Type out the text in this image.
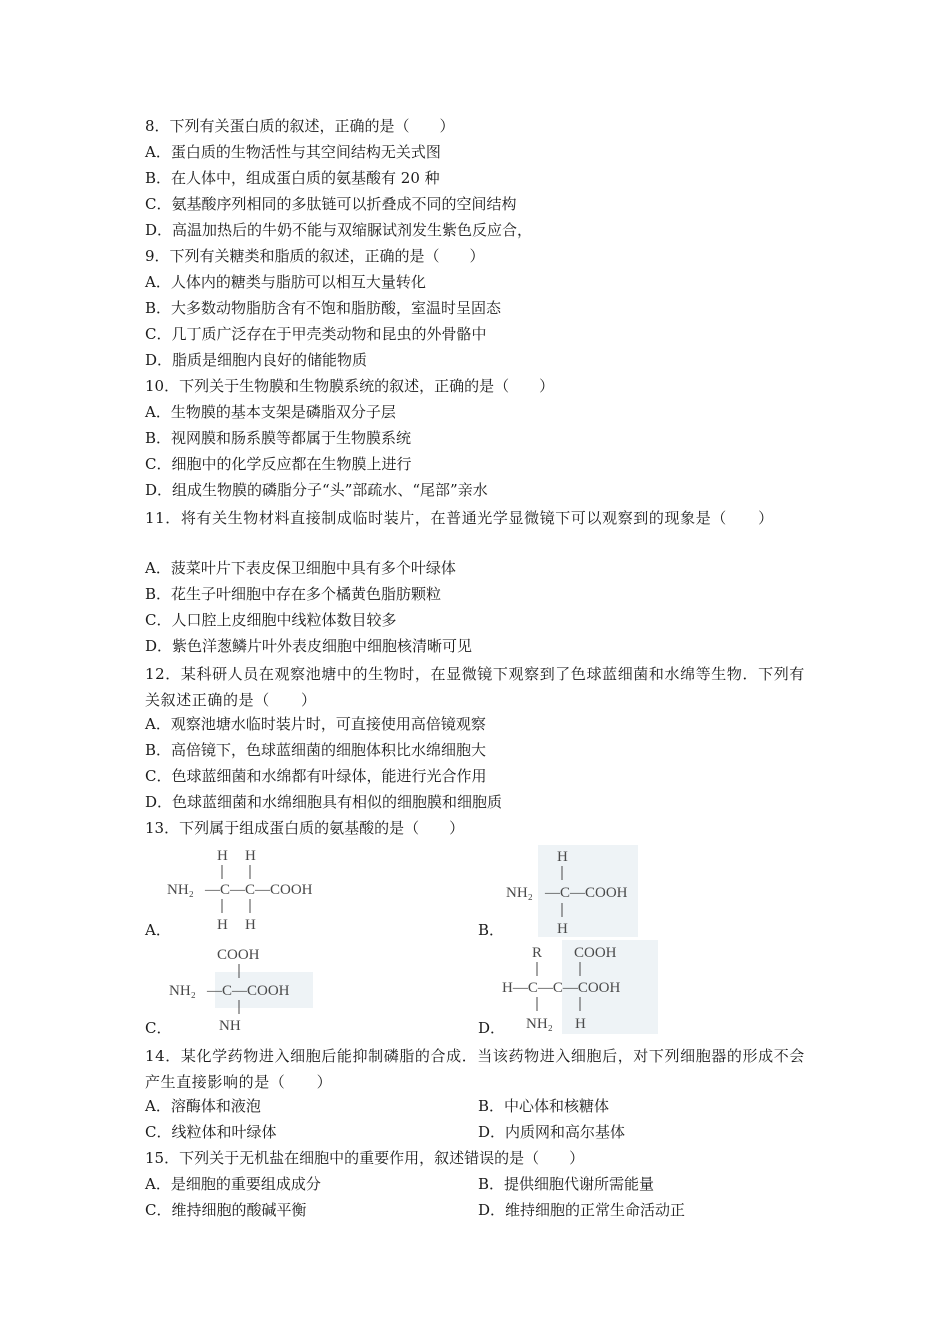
8．下列有关蛋白质的叙述，正确的是（　　）
A．蛋白质的生物活性与其空间结构无关式图
B．在人体中，组成蛋白质的氨基酸有 20 种
C．氨基酸序列相同的多肽链可以折叠成不同的空间结构
D．高温加热后的牛奶不能与双缩脲试剂发生紫色反应合，
9．下列有关糖类和脂质的叙述，正确的是（　　）
A．人体内的糖类与脂肪可以相互大量转化
B．大多数动物脂肪含有不饱和脂肪酸，室温时呈固态
C．几丁质广泛存在于甲壳类动物和昆虫的外骨骼中
D．脂质是细胞内良好的储能物质
10．下列关于生物膜和生物膜系统的叙述，正确的是（　　）
A．生物膜的基本支架是磷脂双分子层
B．视网膜和肠系膜等都属于生物膜系统
C．细胞中的化学反应都在生物膜上进行
D．组成生物膜的磷脂分子“头”部疏水、“尾部”亲水
11．将有关生物材料直接制成临时装片，在普通光学显微镜下可以观察到的现象是（　　）
A．菠菜叶片下表皮保卫细胞中具有多个叶绿体
B．花生子叶细胞中存在多个橘黄色脂肪颗粒
C．人口腔上皮细胞中线粒体数目较多
D．紫色洋葱鳞片叶外表皮细胞中细胞核清晰可见
12．某科研人员在观察池塘中的生物时，在显微镜下观察到了色球蓝细菌和水绵等生物．下列有关叙述正确的是（　　）
A．观察池塘水临时装片时，可直接使用高倍镜观察
B．高倍镜下，色球蓝细菌的细胞体积比水绵细胞大
C．色球蓝细菌和水绵都有叶绿体，能进行光合作用
D．色球蓝细菌和水绵细胞具有相似的细胞膜和细胞质
13．下列属于组成蛋白质的氨基酸的是（　　）
H H
NH₂ —C—C—COOH
H H
A．
H
NH₂ —C—COOH
H
B．
COOH
NH₂ —C—COOH
NH
C．
R COOH
H—C—C—COOH
NH₂ H
D．
14．某化学药物进入细胞后能抑制磷脂的合成．当该药物进入细胞后，对下列细胞器的形成不会产生直接影响的是（　　）
A．溶酶体和液泡	B．中心体和核糖体
C．线粒体和叶绿体	D．内质网和高尔基体
15．下列关于无机盐在细胞中的重要作用，叙述错误的是（　　）
A．是细胞的重要组成成分	B．提供细胞代谢所需能量
C．维持细胞的酸碱平衡	D．维持细胞的正常生命活动正
